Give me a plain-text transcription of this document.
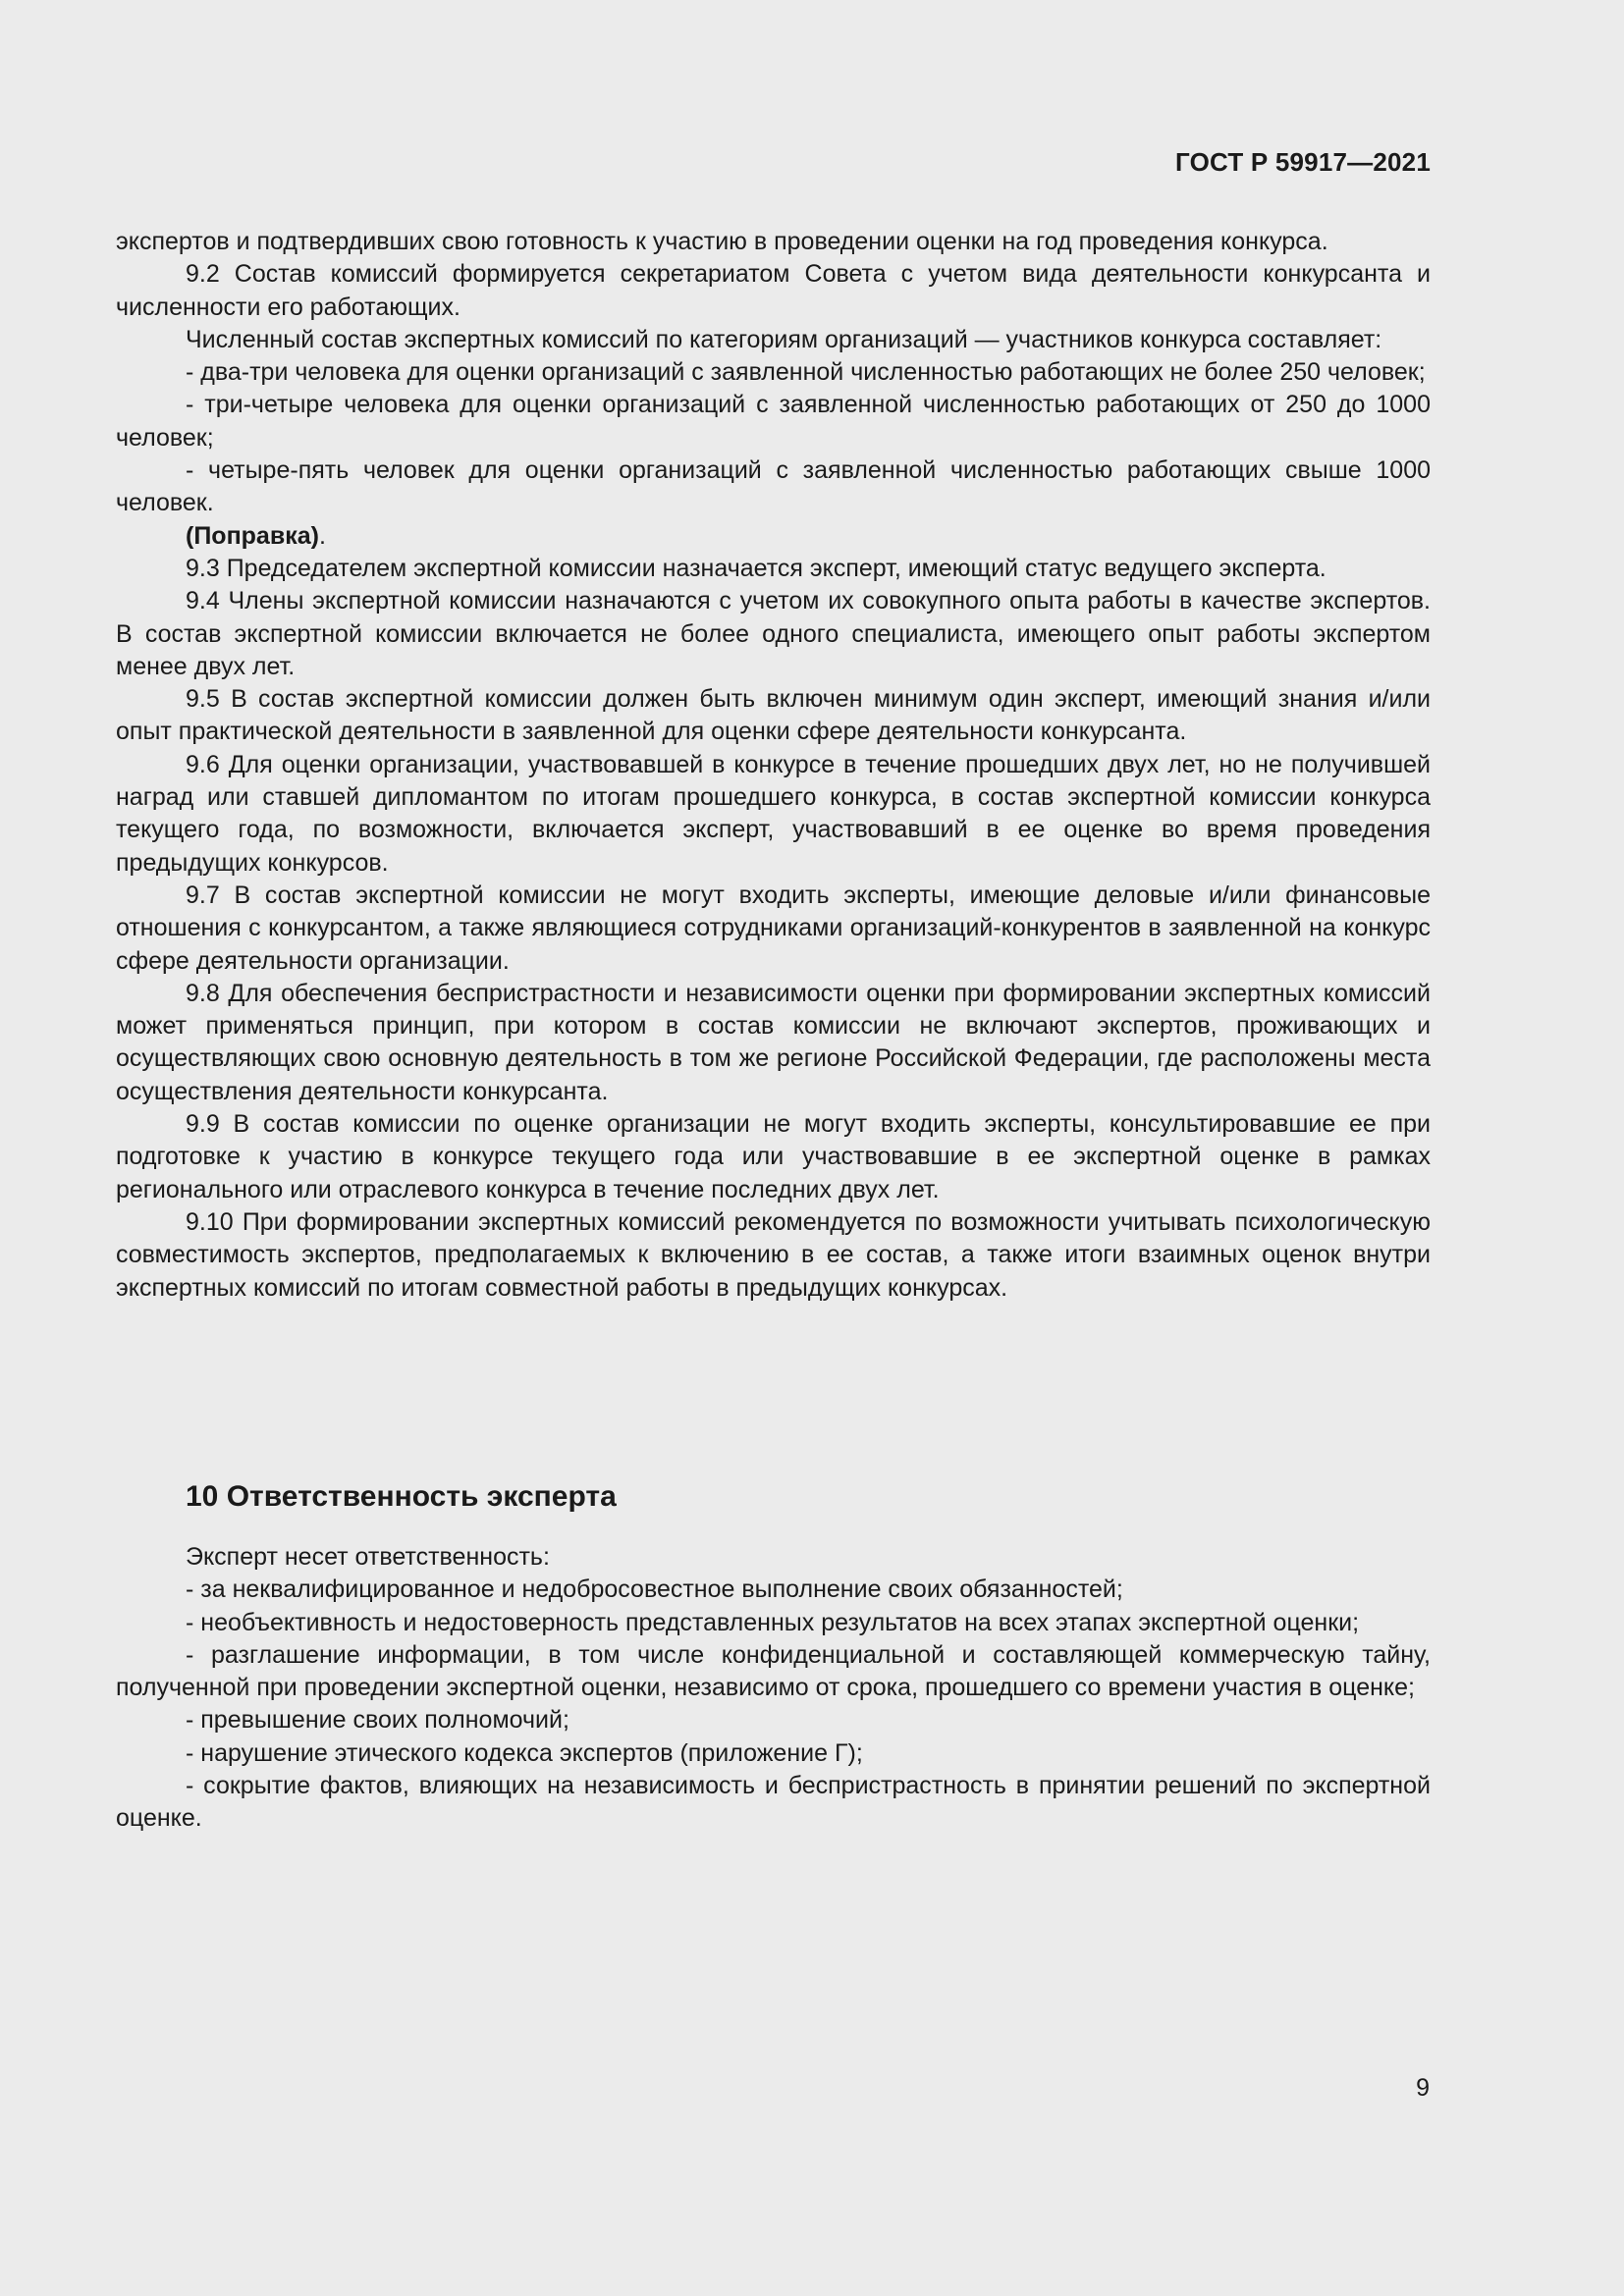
ГОСТ Р 59917—2021

экспертов и подтвердивших свою готовность к участию в проведении оценки на год проведения конкурса.

9.2 Состав комиссий формируется секретариатом Совета с учетом вида деятельности конкурсанта и численности его работающих.

Численный состав экспертных комиссий по категориям организаций — участников конкурса составляет:

- два-три человека для оценки организаций с заявленной численностью работающих не более 250 человек;

- три-четыре человека для оценки организаций с заявленной численностью работающих от 250 до 1000 человек;

- четыре-пять человек для оценки организаций с заявленной численностью работающих свыше 1000 человек.

(Поправка).

9.3 Председателем экспертной комиссии назначается эксперт, имеющий статус ведущего эксперта.

9.4 Члены экспертной комиссии назначаются с учетом их совокупного опыта работы в качестве экспертов. В состав экспертной комиссии включается не более одного специалиста, имеющего опыт работы экспертом менее двух лет.

9.5 В состав экспертной комиссии должен быть включен минимум один эксперт, имеющий знания и/или опыт практической деятельности в заявленной для оценки сфере деятельности конкурсанта.

9.6 Для оценки организации, участвовавшей в конкурсе в течение прошедших двух лет, но не получившей наград или ставшей дипломантом по итогам прошедшего конкурса, в состав экспертной комиссии конкурса текущего года, по возможности, включается эксперт, участвовавший в ее оценке во время проведения предыдущих конкурсов.

9.7 В состав экспертной комиссии не могут входить эксперты, имеющие деловые и/или финансовые отношения с конкурсантом, а также являющиеся сотрудниками организаций-конкурентов в заявленной на конкурс сфере деятельности организации.

9.8 Для обеспечения беспристрастности и независимости оценки при формировании экспертных комиссий может применяться принцип, при котором в состав комиссии не включают экспертов, проживающих и осуществляющих свою основную деятельность в том же регионе Российской Федерации, где расположены места осуществления деятельности конкурсанта.

9.9 В состав комиссии по оценке организации не могут входить эксперты, консультировавшие ее при подготовке к участию в конкурсе текущего года или участвовавшие в ее экспертной оценке в рамках регионального или отраслевого конкурса в течение последних двух лет.

9.10 При формировании экспертных комиссий рекомендуется по возможности учитывать психологическую совместимость экспертов, предполагаемых к включению в ее состав, а также итоги взаимных оценок внутри экспертных комиссий по итогам совместной работы в предыдущих конкурсах.

10 Ответственность эксперта

Эксперт несет ответственность:

- за неквалифицированное и недобросовестное выполнение своих обязанностей;

- необъективность и недостоверность представленных результатов на всех этапах экспертной оценки;

- разглашение информации, в том числе конфиденциальной и составляющей коммерческую тайну, полученной при проведении экспертной оценки, независимо от срока, прошедшего со времени участия в оценке;

- превышение своих полномочий;

- нарушение этического кодекса экспертов (приложение Г);

- сокрытие фактов, влияющих на независимость и беспристрастность в принятии решений по экспертной оценке.

9
